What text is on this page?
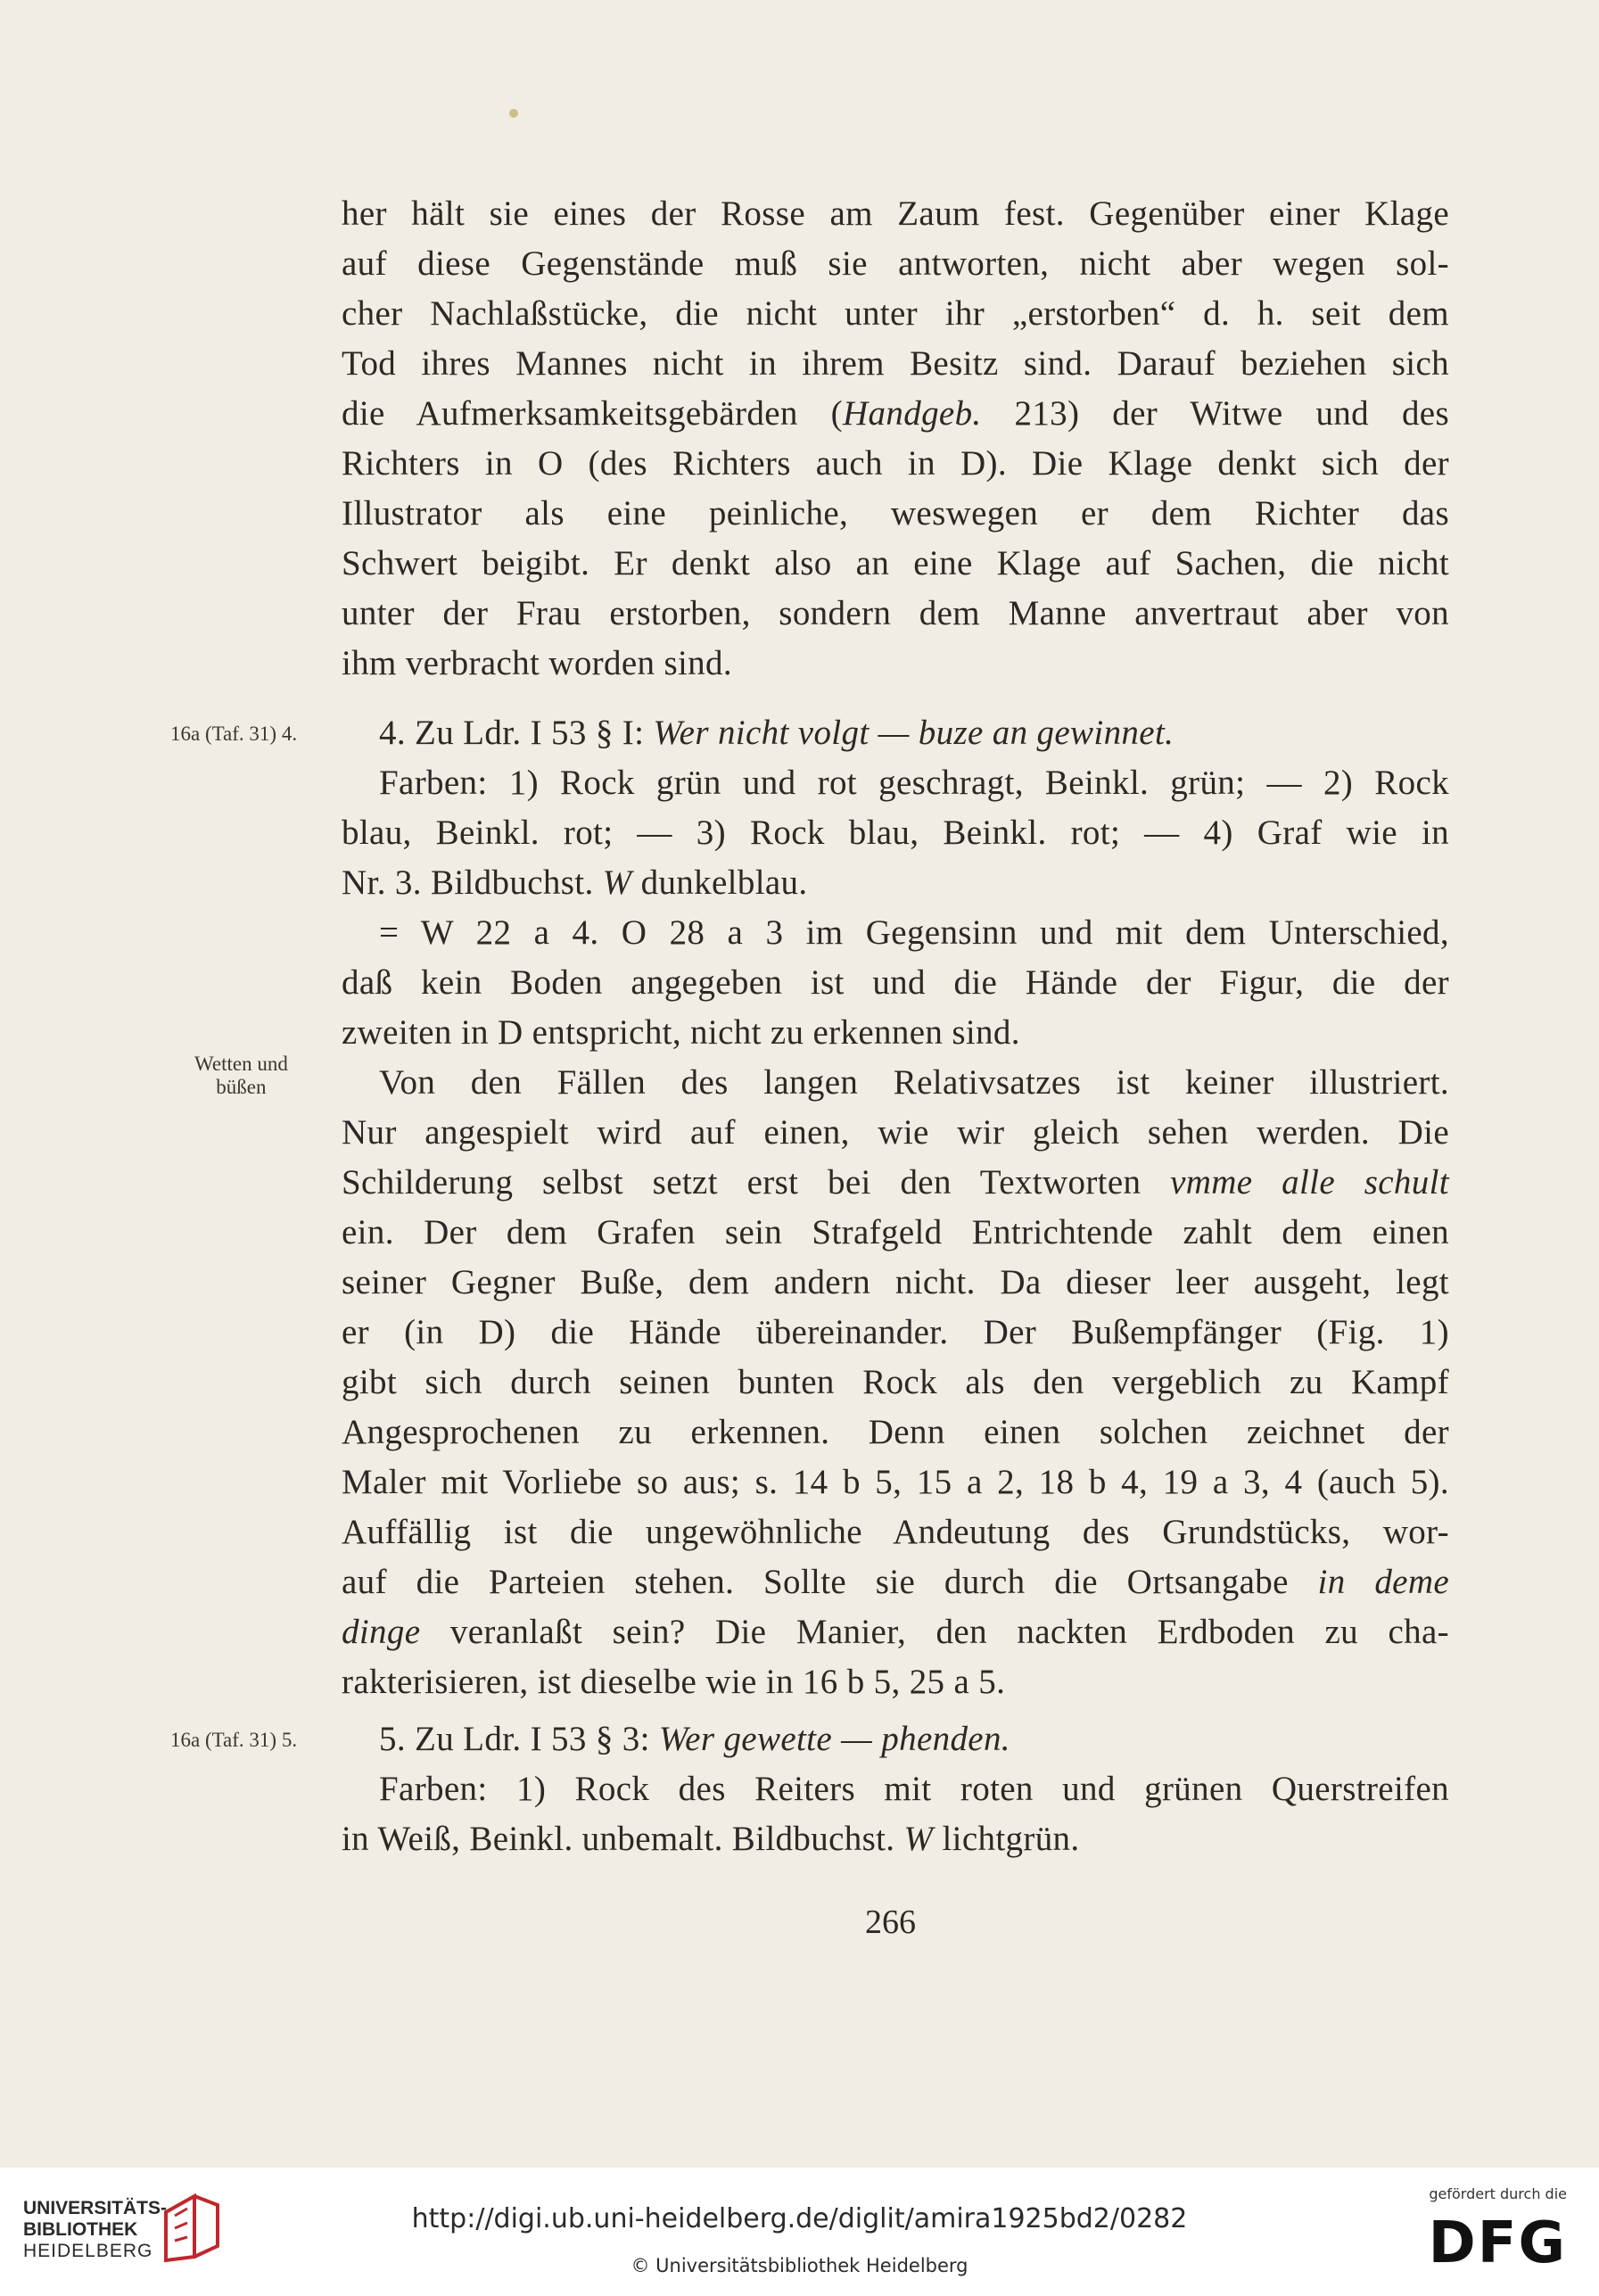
her hält sie eines der Rosse am Zaum fest. Gegenüber einer Klage
auf diese Gegenstände muß sie antworten, nicht aber wegen sol-
cher Nachlaßstücke, die nicht unter ihr „erstorben“ d. h. seit dem
Tod ihres Mannes nicht in ihrem Besitz sind. Darauf beziehen sich
die Aufmerksamkeitsgebärden (Handgeb. 213) der Witwe und des
Richters in O (des Richters auch in D). Die Klage denkt sich der
Illustrator als eine peinliche, weswegen er dem Richter das
Schwert beigibt. Er denkt also an eine Klage auf Sachen, die nicht
unter der Frau erstorben, sondern dem Manne anvertraut aber von
ihm verbracht worden sind.
16a (Taf. 31) 4.	4. Zu Ldr. I 53 § I: Wer nicht volgt — buze an gewinnet.
Farben: 1) Rock grün und rot geschragt, Beinkl. grün; — 2) Rock
blau, Beinkl. rot; — 3) Rock blau, Beinkl. rot; — 4) Graf wie in
Nr. 3. Bildbuchst. W dunkelblau.
= W 22 a 4. O 28 a 3 im Gegensinn und mit dem Unterschied,
daß kein Boden angegeben ist und die Hände der Figur, die der
zweiten in D entspricht, nicht zu erkennen sind.
Von den Fällen des langen Relativsatzes ist keiner illustriert.
Nur angespielt wird auf einen, wie wir gleich sehen werden. Die
Schilderung selbst setzt erst bei den Textworten vmme alle schult
ein. Der dem Grafen sein Strafgeld Entrichtende zahlt dem einen
seiner Gegner Buße, dem andern nicht. Da dieser leer ausgeht, legt
er (in D) die Hände übereinander. Der Bußempfänger (Fig. 1)
gibt sich durch seinen bunten Rock als den vergeblich zu Kampf
Angesprochenen zu erkennen. Denn einen solchen zeichnet der
Maler mit Vorliebe so aus; s. 14 b 5, 15 a 2, 18 b 4, 19 a 3, 4 (auch 5).
Auffällig ist die ungewöhnliche Andeutung des Grundstücks, wor-
auf die Parteien stehen. Sollte sie durch die Ortsangabe in deme
dinge veranlaßt sein? Die Manier, den nackten Erdboden zu cha-
rakterisieren, ist dieselbe wie in 16 b 5, 25 a 5.
Wetten und
büßen
16a (Taf. 31) 5.	5. Zu Ldr. I 53 § 3: Wer gewette — phenden.
Farben: 1) Rock des Reiters mit roten und grünen Querstreifen
in Weiß, Beinkl. unbemalt. Bildbuchst. W lichtgrün.
266
UNIVERSITÄTS-
BIBLIOTHEK
HEIDELBERG
http://digi.ub.uni-heidelberg.de/diglit/amira1925bd2/0282
© Universitätsbibliothek Heidelberg
gefördert durch die
DFG
